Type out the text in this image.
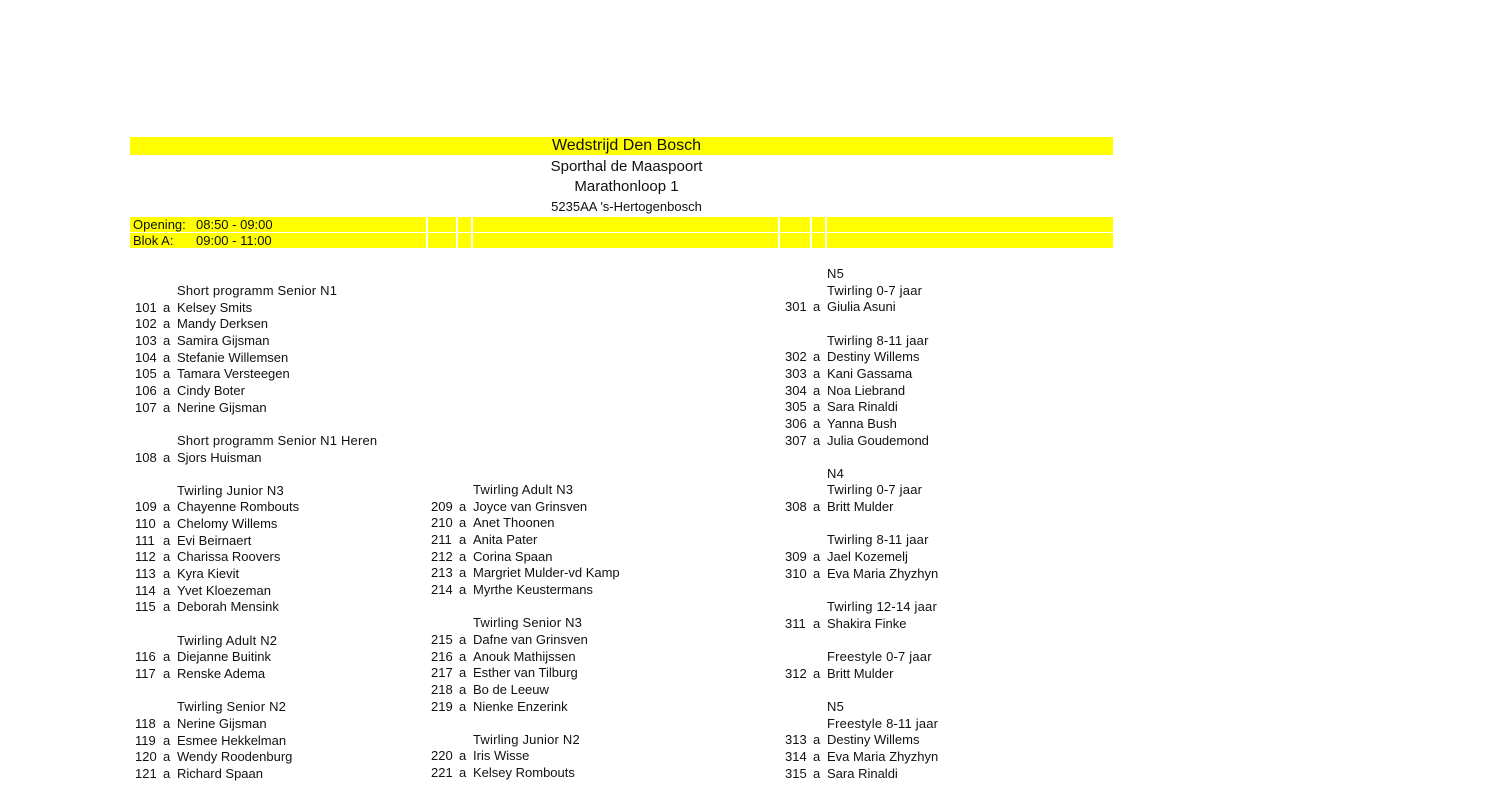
Wedstrijd Den Bosch
Sporthal de Maaspoort
Marathonloop 1
5235AA 's-Hertogenbosch
Opening: 08:50 - 09:00
Blok A: 09:00 - 11:00
Short programm Senior N1
101 a Kelsey Smits
102 a Mandy Derksen
103 a Samira Gijsman
104 a Stefanie Willemsen
105 a Tamara Versteegen
106 a Cindy Boter
107 a Nerine Gijsman
Short programm Senior N1 Heren
108 a Sjors Huisman
Twirling Junior N3
109 a Chayenne Rombouts
110 a Chelomy Willems
111 a Evi Beirnaert
112 a Charissa Roovers
113 a Kyra Kievit
114 a Yvet Kloezeman
115 a Deborah Mensink
Twirling Adult N2
116 a Diejanne Buitink
117 a Renske Adema
Twirling Senior N2
118 a Nerine Gijsman
119 a Esmee Hekkelman
120 a Wendy Roodenburg
121 a Richard Spaan
Twirling Adult N3
209 a Joyce van Grinsven
210 a Anet Thoonen
211 a Anita Pater
212 a Corina Spaan
213 a Margriet Mulder-vd Kamp
214 a Myrthe Keustermans
Twirling Senior N3
215 a Dafne van Grinsven
216 a Anouk Mathijssen
217 a Esther van Tilburg
218 a Bo de Leeuw
219 a Nienke Enzerink
Twirling Junior N2
220 a Iris Wisse
221 a Kelsey Rombouts
N5
Twirling 0-7 jaar
301 a Giulia Asuni
Twirling 8-11 jaar
302 a Destiny Willems
303 a Kani Gassama
304 a Noa Liebrand
305 a Sara Rinaldi
306 a Yanna Bush
307 a Julia Goudemond
N4
Twirling 0-7 jaar
308 a Britt Mulder
Twirling 8-11 jaar
309 a Jael Kozemelj
310 a Eva Maria Zhyzhyn
Twirling 12-14 jaar
311 a Shakira Finke
Freestyle 0-7 jaar
312 a Britt Mulder
N5
Freestyle 8-11 jaar
313 a Destiny Willems
314 a Eva Maria Zhyzhyn
315 a Sara Rinaldi
